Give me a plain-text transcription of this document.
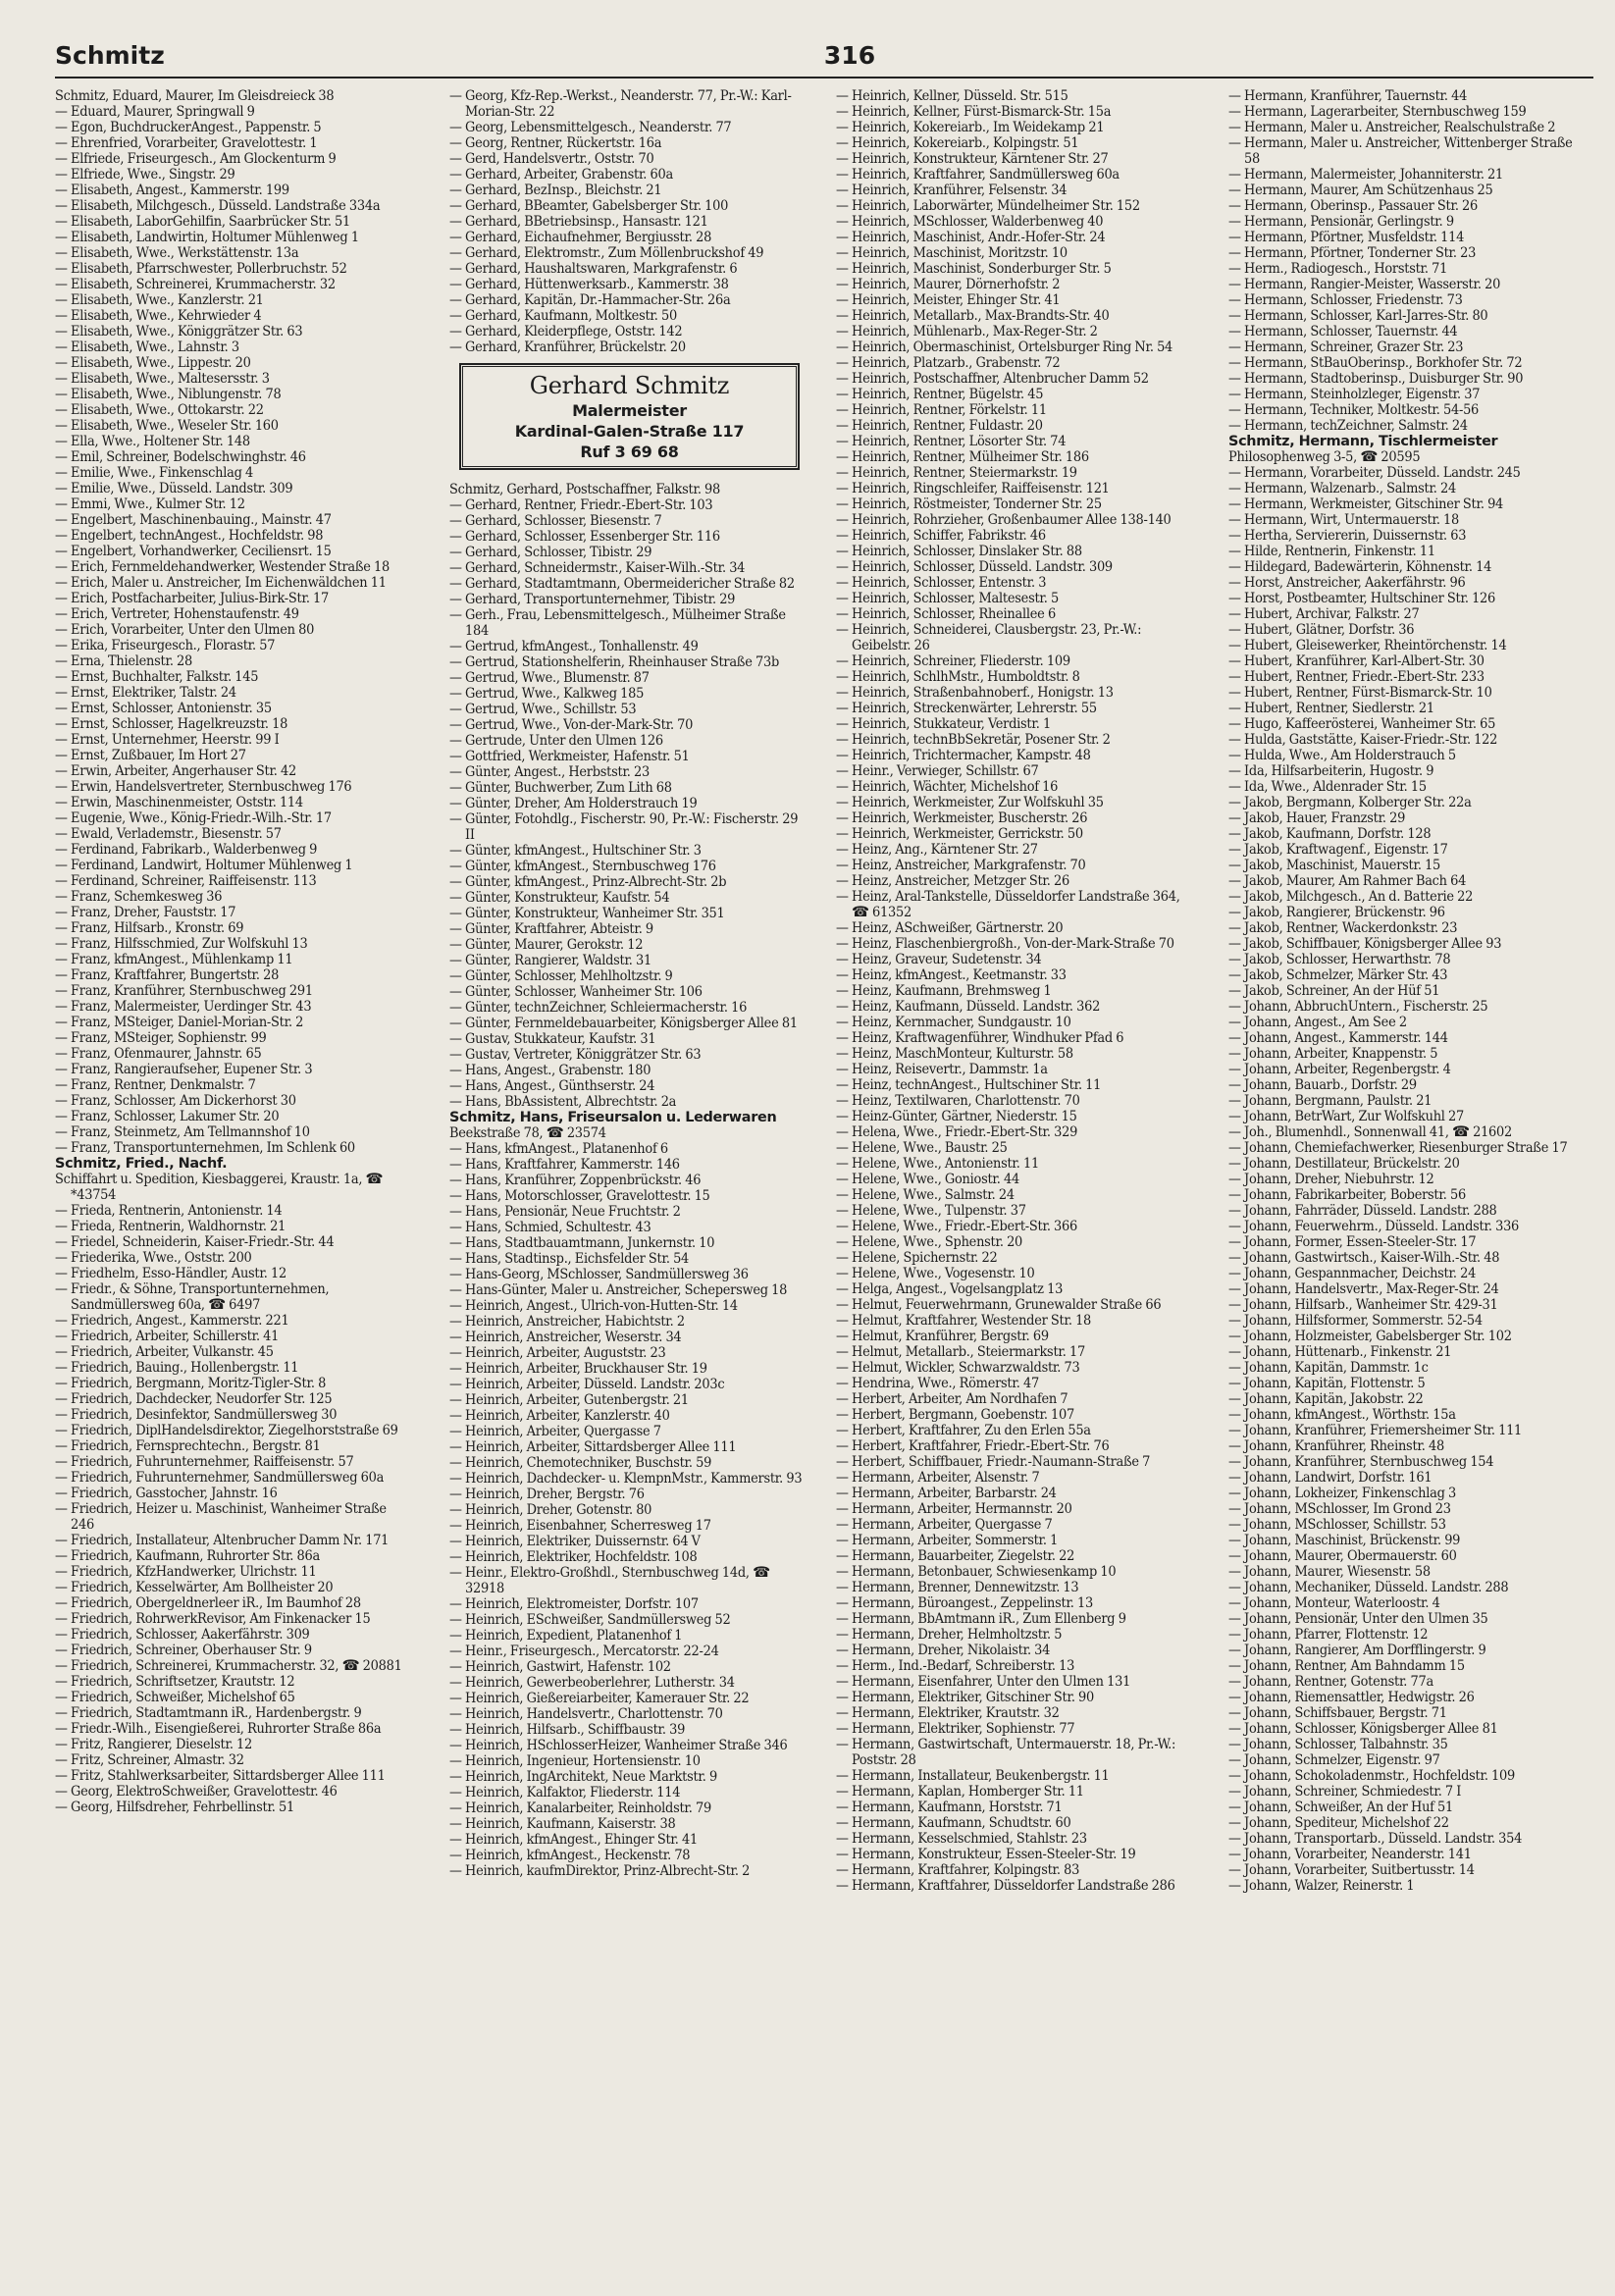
Schmitz	316
Schmitz, Eduard, Maurer, Im Gleisdreieck 38
— Eduard, Maurer, Springwall 9
— Egon, BuchdruckerAngest., Pappenstr. 5
— Ehrenfried, Vorarbeiter, Gravelottestr. 1
— Elfriede, Friseurgesch., Am Glockenturm 9
— Elfriede, Wwe., Singstr. 29
— Elisabeth, Angest., Kammerstr. 199
— Elisabeth, Milchgesch., Düsseld. Landstraße 334a
— Elisabeth, LaborGehilfin, Saarbrücker Str. 51
— Elisabeth, Landwirtin, Holtumer Mühlenweg 1
— Elisabeth, Wwe., Werkstättenstr. 13a
— Elisabeth, Pfarrschwester, Pollerbruchstr. 52
— Elisabeth, Schreinerei, Krummacherstr. 32
— Elisabeth, Wwe., Kanzlerstr. 21
— Elisabeth, Wwe., Kehrwieder 4
— Elisabeth, Wwe., Königgrätzer Str. 63
— Elisabeth, Wwe., Lahnstr. 3
— Elisabeth, Wwe., Lippestr. 20
— Elisabeth, Wwe., Maltesersstr. 3
— Elisabeth, Wwe., Niblungenstr. 78
— Elisabeth, Wwe., Ottokarstr. 22
— Elisabeth, Wwe., Weseler Str. 160
— Ella, Wwe., Holtener Str. 148
— Emil, Schreiner, Bodelschwinghstr. 46
— Emilie, Wwe., Finkenschlag 4
— Emilie, Wwe., Düsseld. Landstr. 309
— Emmi, Wwe., Kulmer Str. 12
— Engelbert, Maschinenbauing., Mainstr. 47
— Engelbert, technAngest., Hochfeldstr. 98
— Engelbert, Vorhandwerker, Ceciliensrt. 15
— Erich, Fernmeldehandwerker, Westender Straße 18
— Erich, Maler u. Anstreicher, Im Eichenwäldchen 11
— Erich, Postfacharbeiter, Julius-Birk-Str. 17
— Erich, Vertreter, Hohenstaufenstr. 49
— Erich, Vorarbeiter, Unter den Ulmen 80
— Erika, Friseurgesch., Florastr. 57
— Erna, Thielenstr. 28
— Ernst, Buchhalter, Falkstr. 145
— Ernst, Elektriker, Talstr. 24
— Ernst, Schlosser, Antonienstr. 35
— Ernst, Schlosser, Hagelkreuzstr. 18
— Ernst, Unternehmer, Heerstr. 99 I
— Ernst, Zußbauer, Im Hort 27
— Erwin, Arbeiter, Angerhauser Str. 42
— Erwin, Handelsvertreter, Sternbuschweg 176
— Erwin, Maschinenmeister, Oststr. 114
— Eugenie, Wwe., König-Friedr.-Wilh.-Str. 17
— Ewald, Verlademstr., Biesenstr. 57
— Ferdinand, Fabrikarb., Walderbenweg 9
— Ferdinand, Landwirt, Holtumer Mühlenweg 1
— Ferdinand, Schreiner, Raiffeisenstr. 113
— Franz, Schemkesweg 36
— Franz, Dreher, Fauststr. 17
— Franz, Hilfsarb., Kronstr. 69
— Franz, Hilfsschmied, Zur Wolfskuhl 13
— Franz, kfmAngest., Mühlenkamp 11
— Franz, Kraftfahrer, Bungertstr. 28
— Franz, Kranführer, Sternbuschweg 291
— Franz, Malermeister, Uerdinger Str. 43
— Franz, MSteiger, Daniel-Morian-Str. 2
— Franz, MSteiger, Sophienstr. 99
— Franz, Ofenmaurer, Jahnstr. 65
— Franz, Rangieraufseher, Eupener Str. 3
— Franz, Rentner, Denkmalstr. 7
— Franz, Schlosser, Am Dickerhorst 30
— Franz, Schlosser, Lakumer Str. 20
— Franz, Steinmetz, Am Tellmannshof 10
— Franz, Transportunternehmen, Im Schlenk 60
Schmitz, Fried., Nachf.
Schiffahrt u. Spedition, Kiesbaggerei, Kraustr. 1a, ☎ *43754
— Frieda, Rentnerin, Antonienstr. 14
— Frieda, Rentnerin, Waldhornstr. 21
— Friedel, Schneiderin, Kaiser-Friedr.-Str. 44
— Friederika, Wwe., Oststr. 200
— Friedhelm, Esso-Händler, Austr. 12
— Friedr., & Söhne, Transportunternehmen, Sandmüllersweg 60a, ☎ 6497
— Friedrich, Angest., Kammerstr. 221
— Friedrich, Arbeiter, Schillerstr. 41
— Friedrich, Arbeiter, Vulkanstr. 45
— Friedrich, Bauing., Hollenbergstr. 11
— Friedrich, Bergmann, Moritz-Tigler-Str. 8
— Friedrich, Dachdecker, Neudorfer Str. 125
— Friedrich, Desinfektor, Sandmüllersweg 30
— Friedrich, DiplHandelsdirektor, Ziegelhorststraße 69
— Friedrich, Fernsprechtechn., Bergstr. 81
— Friedrich, Fuhrunternehmer, Raiffeisenstr. 57
— Friedrich, Fuhrunternehmer, Sandmüllersweg 60a
— Friedrich, Gasstocher, Jahnstr. 16
— Friedrich, Heizer u. Maschinist, Wanheimer Straße 246
— Friedrich, Installateur, Altenbrucher Damm Nr. 171
— Friedrich, Kaufmann, Ruhrorter Str. 86a
— Friedrich, KfzHandwerker, Ulrichstr. 11
— Friedrich, Kesselwärter, Am Bollheister 20
— Friedrich, Obergeldnerleer iR., Im Baumhof 28
— Friedrich, RohrwerkRevisor, Am Finkenacker 15
— Friedrich, Schlosser, Aakerfährstr. 309
— Friedrich, Schreiner, Oberhauser Str. 9
— Friedrich, Schreinerei, Krummacherstr. 32, ☎ 20881
— Friedrich, Schriftsetzer, Krautstr. 12
— Friedrich, Schweißer, Michelshof 65
— Friedrich, Stadtamtmann iR., Hardenbergstr. 9
— Friedr.-Wilh., Eisengießerei, Ruhrorter Straße 86a
— Fritz, Rangierer, Dieselstr. 12
— Fritz, Schreiner, Almastr. 32
— Fritz, Stahlwerksarbeiter, Sittardsberger Allee 111
— Georg, ElektroSchweißer, Gravelottestr. 46
— Georg, Hilfsdreher, Fehrbellinstr. 51
— Georg, Kfz-Rep.-Werkst., Neanderstr. 77, Pr.-W.: Karl-Morian-Str. 22
— Georg, Lebensmittelgesch., Neanderstr. 77
— Georg, Rentner, Rückertstr. 16a
— Gerd, Handelsvertr., Oststr. 70
— Gerhard, Arbeiter, Grabenstr. 60a
— Gerhard, BezInsp., Bleichstr. 21
— Gerhard, BBeamter, Gabelsberger Str. 100
— Gerhard, BBetriebsinsp., Hansastr. 121
— Gerhard, Eichaufnehmer, Bergiusstr. 28
— Gerhard, Elektromstr., Zum Möllenbruckshof 49
— Gerhard, Haushaltswaren, Markgrafenstr. 6
— Gerhard, Hüttenwerksarb., Kammerstr. 38
— Gerhard, Kapitän, Dr.-Hammacher-Str. 26a
— Gerhard, Kaufmann, Moltkestr. 50
— Gerhard, Kleiderpflege, Oststr. 142
— Gerhard, Kranführer, Brückelstr. 20
Gerhard Schmitz
Malermeister
Kardinal-Galen-Straße 117
Ruf 3 69 68
Schmitz, Gerhard, Postschaffner, Falkstr. 98
— Gerhard, Rentner, Friedr.-Ebert-Str. 103
— Gerhard, Schlosser, Biesenstr. 7
— Gerhard, Schlosser, Essenberger Str. 116
— Gerhard, Schlosser, Tibistr. 29
— Gerhard, Schneidermstr., Kaiser-Wilh.-Str. 34
— Gerhard, Stadtamtmann, Obermeidericher Straße 82
— Gerhard, Transportunternehmer, Tibistr. 29
— Gerh., Frau, Lebensmittelgesch., Mülheimer Straße 184
— Gertrud, kfmAngest., Tonhallenstr. 49
— Gertrud, Stationshelferin, Rheinhauser Straße 73b
— Gertrud, Wwe., Blumenstr. 87
— Gertrud, Wwe., Kalkweg 185
— Gertrud, Wwe., Schillstr. 53
— Gertrud, Wwe., Von-der-Mark-Str. 70
— Gertrude, Unter den Ulmen 126
— Gottfried, Werkmeister, Hafenstr. 51
— Günter, Angest., Herbststr. 23
— Günter, Buchwerber, Zum Lith 68
— Günter, Dreher, Am Holderstrauch 19
— Günter, Fotohdlg., Fischerstr. 90, Pr.-W.: Fischerstr. 29 II
— Günter, kfmAngest., Hultschiner Str. 3
— Günter, kfmAngest., Sternbuschweg 176
— Günter, kfmAngest., Prinz-Albrecht-Str. 2b
— Günter, Konstrukteur, Kaufstr. 54
— Günter, Konstrukteur, Wanheimer Str. 351
— Günter, Kraftfahrer, Abteistr. 9
— Günter, Maurer, Gerokstr. 12
— Günter, Rangierer, Waldstr. 31
— Günter, Schlosser, Mehlholtzstr. 9
— Günter, Schlosser, Wanheimer Str. 106
— Günter, technZeichner, Schleiermacherstr. 16
— Günter, Fernmeldebauarbeiter, Königsberger Allee 81
— Gustav, Stukkateur, Kaufstr. 31
— Gustav, Vertreter, Königgrätzer Str. 63
— Hans, Angest., Grabenstr. 180
— Hans, Angest., Günthserstr. 24
— Hans, BbAssistent, Albrechtstr. 2a
Schmitz, Hans, Friseursalon u. Lederwaren
Beekstraße 78, ☎ 23574
— Hans, kfmAngest., Platanenhof 6
— Hans, Kraftfahrer, Kammerstr. 146
— Hans, Kranführer, Zoppenbrückstr. 46
— Hans, Motorschlosser, Gravelottestr. 15
— Hans, Pensionär, Neue Fruchtstr. 2
— Hans, Schmied, Schultestr. 43
— Hans, Stadtbauamtmann, Junkernstr. 10
— Hans, Stadtinsp., Eichsfelder Str. 54
— Hans-Georg, MSchlosser, Sandmüllersweg 36
— Hans-Günter, Maler u. Anstreicher, Schepersweg 18
— Heinrich, Angest., Ulrich-von-Hutten-Str. 14
— Heinrich, Anstreicher, Habichtstr. 2
— Heinrich, Anstreicher, Weserstr. 34
— Heinrich, Arbeiter, Auguststr. 23
— Heinrich, Arbeiter, Bruckhauser Str. 19
— Heinrich, Arbeiter, Düsseld. Landstr. 203c
— Heinrich, Arbeiter, Gutenbergstr. 21
— Heinrich, Arbeiter, Kanzlerstr. 40
— Heinrich, Arbeiter, Quergasse 7
— Heinrich, Arbeiter, Sittardsberger Allee 111
— Heinrich, Chemotechniker, Buschstr. 59
— Heinrich, Dachdecker- u. KlempnMstr., Kammerstr. 93
— Heinrich, Dreher, Bergstr. 76
— Heinrich, Dreher, Gotenstr. 80
— Heinrich, Eisenbahner, Scherresweg 17
— Heinrich, Elektriker, Duissernstr. 64 V
— Heinrich, Elektriker, Hochfeldstr. 108
— Heinr., Elektro-Großhdl., Sternbuschweg 14d, ☎ 32918
— Heinrich, Elektromeister, Dorfstr. 107
— Heinrich, ESchweißer, Sandmüllersweg 52
— Heinrich, Expedient, Platanenhof 1
— Heinr., Friseurgesch., Mercatorstr. 22-24
— Heinrich, Gastwirt, Hafenstr. 102
— Heinrich, Gewerbeoberlehrer, Lutherstr. 34
— Heinrich, Gießereiarbeiter, Kamerauer Str. 22
— Heinrich, Handelsvertr., Charlottenstr. 70
— Heinrich, Hilfsarb., Schiffbaustr. 39
— Heinrich, HSchlosserHeizer, Wanheimer Straße 346
— Heinrich, Ingenieur, Hortensienstr. 10
— Heinrich, IngArchitekt, Neue Marktstr. 9
— Heinrich, Kalfaktor, Fliederstr. 114
— Heinrich, Kanalarbeiter, Reinholdstr. 79
— Heinrich, Kaufmann, Kaiserstr. 38
— Heinrich, kfmAngest., Ehinger Str. 41
— Heinrich, kfmAngest., Heckenstr. 78
— Heinrich, kaufmDirektor, Prinz-Albrecht-Str. 2
— Heinrich, Kellner, Düsseld. Str. 515
— Heinrich, Kellner, Fürst-Bismarck-Str. 15a
— Heinrich, Kokereiarb., Im Weidekamp 21
— Heinrich, Kokereiarb., Kolpingstr. 51
— Heinrich, Konstrukteur, Kärntener Str. 27
— Heinrich, Kraftfahrer, Sandmüllersweg 60a
— Heinrich, Kranführer, Felsenstr. 34
— Heinrich, Laborwärter, Mündelheimer Str. 152
— Heinrich, MSchlosser, Walderbenweg 40
— Heinrich, Maschinist, Andr.-Hofer-Str. 24
— Heinrich, Maschinist, Moritzstr. 10
— Heinrich, Maschinist, Sonderburger Str. 5
— Heinrich, Maurer, Dörnerhofstr. 2
— Heinrich, Meister, Ehinger Str. 41
— Heinrich, Metallarb., Max-Brandts-Str. 40
— Heinrich, Mühlenarb., Max-Reger-Str. 2
— Heinrich, Obermaschinist, Ortelsburger Ring Nr. 54
— Heinrich, Platzarb., Grabenstr. 72
— Heinrich, Postschaffner, Altenbrucher Damm 52
— Heinrich, Rentner, Bügelstr. 45
— Heinrich, Rentner, Förkelstr. 11
— Heinrich, Rentner, Fuldastr. 20
— Heinrich, Rentner, Lösorter Str. 74
— Heinrich, Rentner, Mülheimer Str. 186
— Heinrich, Rentner, Steiermarkstr. 19
— Heinrich, Ringschleifer, Raiffeisenstr. 121
— Heinrich, Röstmeister, Tonderner Str. 25
— Heinrich, Rohrzieher, Großenbaumer Allee 138-140
— Heinrich, Schiffer, Fabrikstr. 46
— Heinrich, Schlosser, Dinslaker Str. 88
— Heinrich, Schlosser, Düsseld. Landstr. 309
— Heinrich, Schlosser, Entenstr. 3
— Heinrich, Schlosser, Maltesestr. 5
— Heinrich, Schlosser, Rheinallee 6
— Heinrich, Schneiderei, Clausbergstr. 23, Pr.-W.: Geibelstr. 26
— Heinrich, Schreiner, Fliederstr. 109
— Heinrich, SchlhMstr., Humboldtstr. 8
— Heinrich, Straßenbahnoberf., Honigstr. 13
— Heinrich, Streckenwärter, Lehrerstr. 55
— Heinrich, Stukkateur, Verdistr. 1
— Heinrich, technBbSekretär, Posener Str. 2
— Heinrich, Trichtermacher, Kampstr. 48
— Heinr., Verwieger, Schillstr. 67
— Heinrich, Wächter, Michelshof 16
— Heinrich, Werkmeister, Zur Wolfskuhl 35
— Heinrich, Werkmeister, Buscherstr. 26
— Heinrich, Werkmeister, Gerrickstr. 50
— Heinz, Ang., Kärntener Str. 27
— Heinz, Anstreicher, Markgrafenstr. 70
— Heinz, Anstreicher, Metzger Str. 26
— Heinz, Aral-Tankstelle, Düsseldorfer Landstraße 364, ☎ 61352
— Heinz, ASchweißer, Gärtnerstr. 20
— Heinz, Flaschenbiergroßh., Von-der-Mark-Straße 70
— Heinz, Graveur, Sudetenstr. 34
— Heinz, kfmAngest., Keetmanstr. 33
— Heinz, Kaufmann, Brehmsweg 1
— Heinz, Kaufmann, Düsseld. Landstr. 362
— Heinz, Kernmacher, Sundgaustr. 10
— Heinz, Kraftwagenführer, Windhuker Pfad 6
— Heinz, MaschMonteur, Kulturstr. 58
— Heinz, Reisevertr., Dammstr. 1a
— Heinz, technAngest., Hultschiner Str. 11
— Heinz, Textilwaren, Charlottenstr. 70
— Heinz-Günter, Gärtner, Niederstr. 15
— Helena, Wwe., Friedr.-Ebert-Str. 329
— Helene, Wwe., Baustr. 25
— Helene, Wwe., Antonienstr. 11
— Helene, Wwe., Goniostr. 44
— Helene, Wwe., Salmstr. 24
— Helene, Wwe., Tulpenstr. 37
— Helene, Wwe., Friedr.-Ebert-Str. 366
— Helene, Wwe., Sphenstr. 20
— Helene, Spichernstr. 22
— Helene, Wwe., Vogesenstr. 10
— Helga, Angest., Vogelsangplatz 13
— Helmut, Feuerwehrmann, Grunewalder Straße 66
— Helmut, Kraftfahrer, Westender Str. 18
— Helmut, Kranführer, Bergstr. 69
— Helmut, Metallarb., Steiermarkstr. 17
— Helmut, Wickler, Schwarzwaldstr. 73
— Hendrina, Wwe., Römerstr. 47
— Herbert, Arbeiter, Am Nordhafen 7
— Herbert, Bergmann, Goebenstr. 107
— Herbert, Kraftfahrer, Zu den Erlen 55a
— Herbert, Kraftfahrer, Friedr.-Ebert-Str. 76
— Herbert, Schiffbauer, Friedr.-Naumann-Straße 7
— Hermann, Arbeiter, Alsenstr. 7
— Hermann, Arbeiter, Barbarstr. 24
— Hermann, Arbeiter, Hermannstr. 20
— Hermann, Arbeiter, Quergasse 7
— Hermann, Arbeiter, Sommerstr. 1
— Hermann, Bauarbeiter, Ziegelstr. 22
— Hermann, Betonbauer, Schwiesenkamp 10
— Hermann, Brenner, Dennewitzstr. 13
— Hermann, Büroangest., Zeppelinstr. 13
— Hermann, BbAmtmann iR., Zum Ellenberg 9
— Hermann, Dreher, Helmholtzstr. 5
— Hermann, Dreher, Nikolaistr. 34
— Herm., Ind.-Bedarf, Schreiberstr. 13
— Hermann, Eisenfahrer, Unter den Ulmen 131
— Hermann, Elektriker, Gitschiner Str. 90
— Hermann, Elektriker, Krautstr. 32
— Hermann, Elektriker, Sophienstr. 77
— Hermann, Gastwirtschaft, Untermauerstr. 18, Pr.-W.: Poststr. 28
— Hermann, Installateur, Beukenbergstr. 11
— Hermann, Kaplan, Homberger Str. 11
— Hermann, Kaufmann, Horststr. 71
— Hermann, Kaufmann, Schudtstr. 60
— Hermann, Kesselschmied, Stahlstr. 23
— Hermann, Konstrukteur, Essen-Steeler-Str. 19
— Hermann, Kraftfahrer, Kolpingstr. 83
— Hermann, Kraftfahrer, Düsseldorfer Landstraße 286
— Hermann, Kranführer, Tauernstr. 44
— Hermann, Lagerarbeiter, Sternbuschweg 159
— Hermann, Maler u. Anstreicher, Realschulstraße 2
— Hermann, Maler u. Anstreicher, Wittenberger Straße 58
— Hermann, Malermeister, Johanniterstr. 21
— Hermann, Maurer, Am Schützenhaus 25
— Hermann, Oberinsp., Passauer Str. 26
— Hermann, Pensionär, Gerlingstr. 9
— Hermann, Pförtner, Musfeldstr. 114
— Hermann, Pförtner, Tonderner Str. 23
— Herm., Radiogesch., Horststr. 71
— Hermann, Rangier-Meister, Wasserstr. 20
— Hermann, Schlosser, Friedenstr. 73
— Hermann, Schlosser, Karl-Jarres-Str. 80
— Hermann, Schlosser, Tauernstr. 44
— Hermann, Schreiner, Grazer Str. 23
— Hermann, StBauOberinsp., Borkhofer Str. 72
— Hermann, Stadtoberinsp., Duisburger Str. 90
— Hermann, Steinholzleger, Eigenstr. 37
— Hermann, Techniker, Moltkestr. 54-56
— Hermann, techZeichner, Salmstr. 24
Schmitz, Hermann, Tischlermeister
Philosophenweg 3-5, ☎ 20595
— Hermann, Vorarbeiter, Düsseld. Landstr. 245
— Hermann, Walzenarb., Salmstr. 24
— Hermann, Werkmeister, Gitschiner Str. 94
— Hermann, Wirt, Untermauerstr. 18
— Hertha, Serviererin, Duissernstr. 63
— Hilde, Rentnerin, Finkenstr. 11
— Hildegard, Badewärterin, Köhnenstr. 14
— Horst, Anstreicher, Aakerfährstr. 96
— Horst, Postbeamter, Hultschiner Str. 126
— Hubert, Archivar, Falkstr. 27
— Hubert, Glätner, Dorfstr. 36
— Hubert, Gleisewerker, Rheintörchenstr. 14
— Hubert, Kranführer, Karl-Albert-Str. 30
— Hubert, Rentner, Friedr.-Ebert-Str. 233
— Hubert, Rentner, Fürst-Bismarck-Str. 10
— Hubert, Rentner, Siedlerstr. 21
— Hugo, Kaffeerösterei, Wanheimer Str. 65
— Hulda, Gaststätte, Kaiser-Friedr.-Str. 122
— Hulda, Wwe., Am Holderstrauch 5
— Ida, Hilfsarbeiterin, Hugostr. 9
— Ida, Wwe., Aldenrader Str. 15
— Jakob, Bergmann, Kolberger Str. 22a
— Jakob, Hauer, Franzstr. 29
— Jakob, Kaufmann, Dorfstr. 128
— Jakob, Kraftwagenf., Eigenstr. 17
— Jakob, Maschinist, Mauerstr. 15
— Jakob, Maurer, Am Rahmer Bach 64
— Jakob, Milchgesch., An d. Batterie 22
— Jakob, Rangierer, Brückenstr. 96
— Jakob, Rentner, Wackerdonkstr. 23
— Jakob, Schiffbauer, Königsberger Allee 93
— Jakob, Schlosser, Herwarthstr. 78
— Jakob, Schmelzer, Märker Str. 43
— Jakob, Schreiner, An der Hüf 51
— Johann, AbbruchUntern., Fischerstr. 25
— Johann, Angest., Am See 2
— Johann, Angest., Kammerstr. 144
— Johann, Arbeiter, Knappenstr. 5
— Johann, Arbeiter, Regenbergstr. 4
— Johann, Bauarb., Dorfstr. 29
— Johann, Bergmann, Paulstr. 21
— Johann, BetrWart, Zur Wolfskuhl 27
— Joh., Blumenhdl., Sonnenwall 41, ☎ 21602
— Johann, Chemiefachwerker, Riesenburger Straße 17
— Johann, Destillateur, Brückelstr. 20
— Johann, Dreher, Niebuhrstr. 12
— Johann, Fabrikarbeiter, Boberstr. 56
— Johann, Fahrräder, Düsseld. Landstr. 288
— Johann, Feuerwehrm., Düsseld. Landstr. 336
— Johann, Former, Essen-Steeler-Str. 17
— Johann, Gastwirtsch., Kaiser-Wilh.-Str. 48
— Johann, Gespannmacher, Deichstr. 24
— Johann, Handelsvertr., Max-Reger-Str. 24
— Johann, Hilfsarb., Wanheimer Str. 429-31
— Johann, Hilfsformer, Sommerstr. 52-54
— Johann, Holzmeister, Gabelsberger Str. 102
— Johann, Hüttenarb., Finkenstr. 21
— Johann, Kapitän, Dammstr. 1c
— Johann, Kapitän, Flottenstr. 5
— Johann, Kapitän, Jakobstr. 22
— Johann, kfmAngest., Wörthstr. 15a
— Johann, Kranführer, Friemersheimer Str. 111
— Johann, Kranführer, Rheinstr. 48
— Johann, Kranführer, Sternbuschweg 154
— Johann, Landwirt, Dorfstr. 161
— Johann, Lokheizer, Finkenschlag 3
— Johann, MSchlosser, Im Grond 23
— Johann, MSchlosser, Schillstr. 53
— Johann, Maschinist, Brückenstr. 99
— Johann, Maurer, Obermauerstr. 60
— Johann, Maurer, Wiesenstr. 58
— Johann, Mechaniker, Düsseld. Landstr. 288
— Johann, Monteur, Waterloostr. 4
— Johann, Pensionär, Unter den Ulmen 35
— Johann, Pfarrer, Flottenstr. 12
— Johann, Rangierer, Am Dorfflingerstr. 9
— Johann, Rentner, Am Bahndamm 15
— Johann, Rentner, Gotenstr. 77a
— Johann, Riemensattler, Hedwigstr. 26
— Johann, Schiffsbauer, Bergstr. 71
— Johann, Schlosser, Königsberger Allee 81
— Johann, Schlosser, Talbahnstr. 35
— Johann, Schmelzer, Eigenstr. 97
— Johann, Schokoladenmstr., Hochfeldstr. 109
— Johann, Schreiner, Schmiedestr. 7 I
— Johann, Schweißer, An der Huf 51
— Johann, Spediteur, Michelshof 22
— Johann, Transportarb., Düsseld. Landstr. 354
— Johann, Vorarbeiter, Neanderstr. 141
— Johann, Vorarbeiter, Suitbertusstr. 14
— Johann, Walzer, Reinerstr. 1
